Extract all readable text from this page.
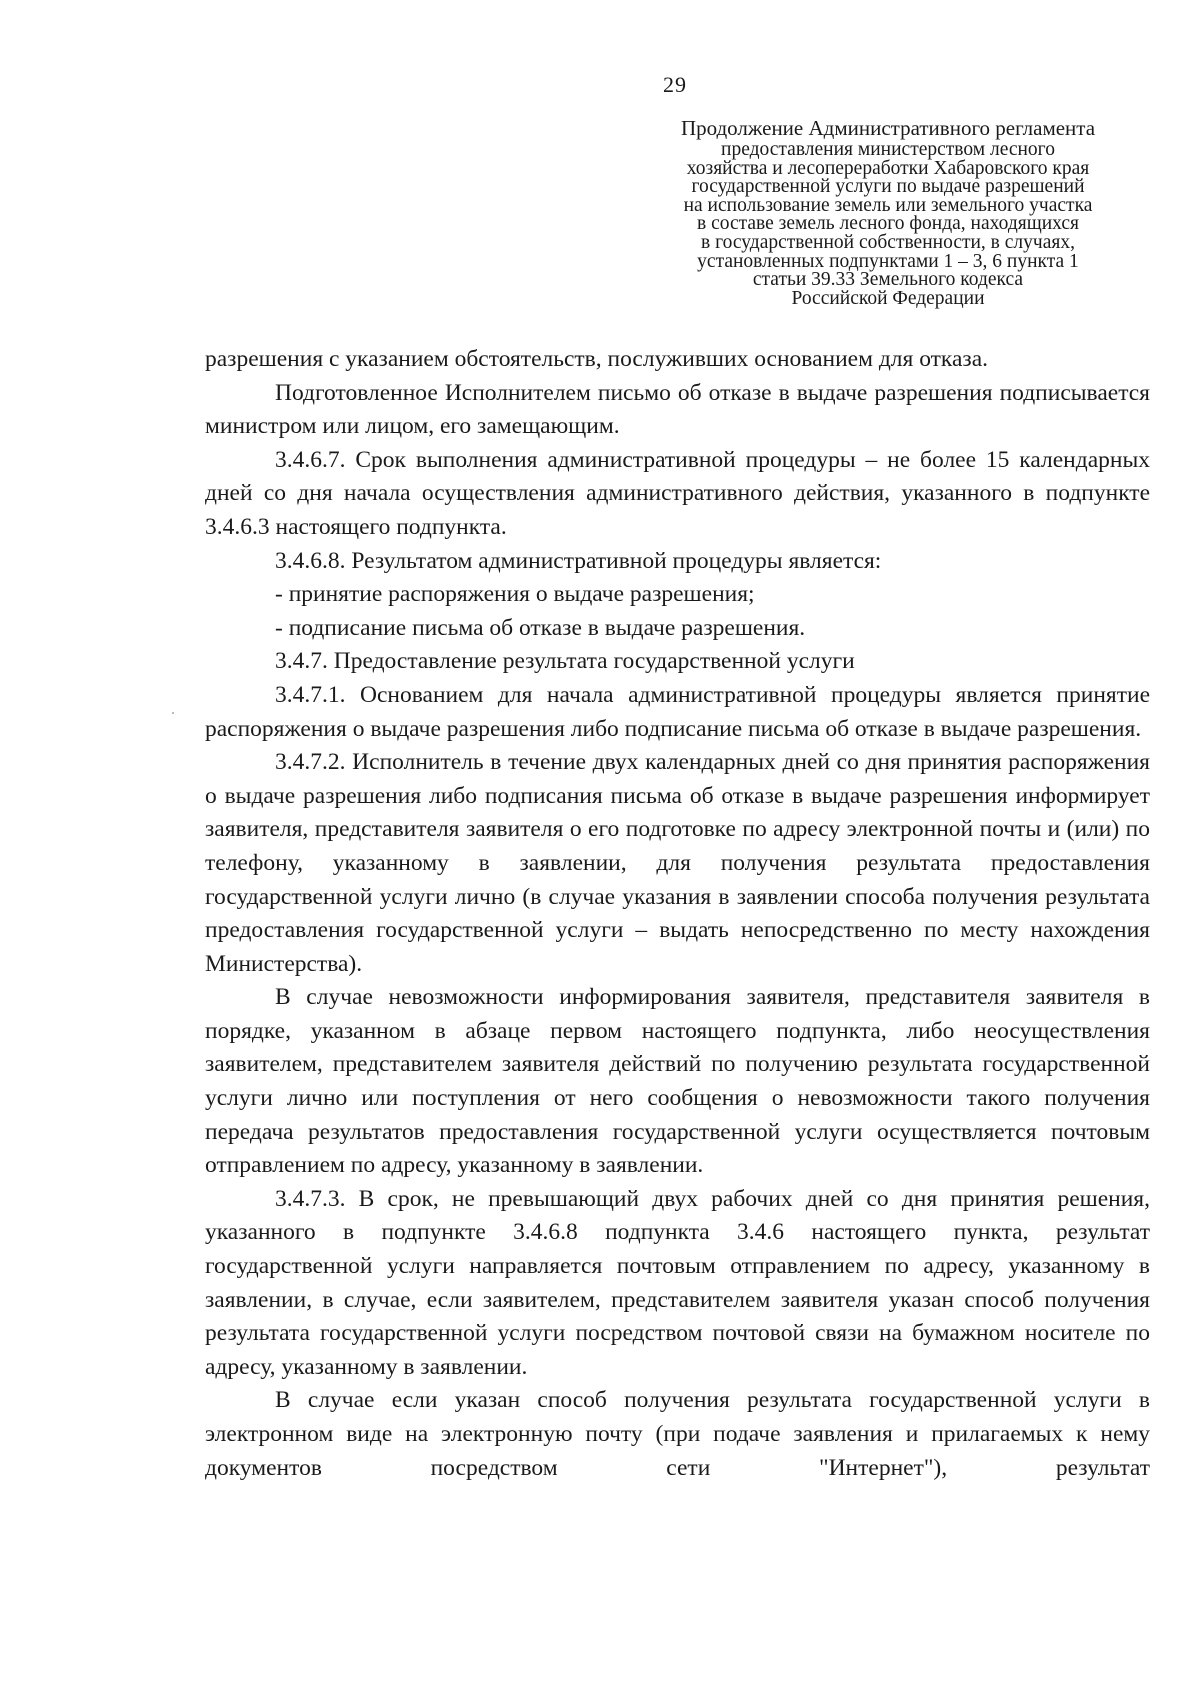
29
Продолжение Административного регламента
предоставления министерством лесного
хозяйства и лесопереработки Хабаровского края
государственной услуги по выдаче разрешений
на использование земель или земельного участка
в составе земель лесного фонда, находящихся
в государственной собственности, в случаях,
установленных подпунктами 1 – 3, 6 пункта 1
статьи 39.33 Земельного кодекса
Российской Федерации

разрешения с указанием обстоятельств, послуживших основанием для отказа.

Подготовленное Исполнителем письмо об отказе в выдаче разрешения подписывается министром или лицом, его замещающим.

3.4.6.7. Срок выполнения административной процедуры – не более 15 календарных дней со дня начала осуществления административного действия, указанного в подпункте 3.4.6.3 настоящего подпункта.

3.4.6.8. Результатом административной процедуры является:

- принятие распоряжения о выдаче разрешения;

- подписание письма об отказе в выдаче разрешения.

3.4.7. Предоставление результата государственной услуги

3.4.7.1. Основанием для начала административной процедуры является принятие распоряжения о выдаче разрешения либо подписание письма об отказе в выдаче разрешения.

3.4.7.2. Исполнитель в течение двух календарных дней со дня принятия распоряжения о выдаче разрешения либо подписания письма об отказе в выдаче разрешения информирует заявителя, представителя заявителя о его подготовке по адресу электронной почты и (или) по телефону, указанному в заявлении, для получения результата предоставления государственной услуги лично (в случае указания в заявлении способа получения результата предоставления государственной услуги – выдать непосредственно по месту нахождения Министерства).

В случае невозможности информирования заявителя, представителя заявителя в порядке, указанном в абзаце первом настоящего подпункта, либо неосуществления заявителем, представителем заявителя действий по получению результата государственной услуги лично или поступления от него сообщения о невозможности такого получения передача результатов предоставления государственной услуги осуществляется почтовым отправлением по адресу, указанному в заявлении.

3.4.7.3. В срок, не превышающий двух рабочих дней со дня принятия решения, указанного в подпункте 3.4.6.8 подпункта 3.4.6 настоящего пункта, результат государственной услуги направляется почтовым отправлением по адресу, указанному в заявлении, в случае, если заявителем, представителем заявителя указан способ получения результата государственной услуги посредством почтовой связи на бумажном носителе по адресу, указанному в заявлении.

В случае если указан способ получения результата государственной услуги в электронном виде на электронную почту (при подаче заявления и прилагаемых к нему документов посредством сети "Интернет"), результат
